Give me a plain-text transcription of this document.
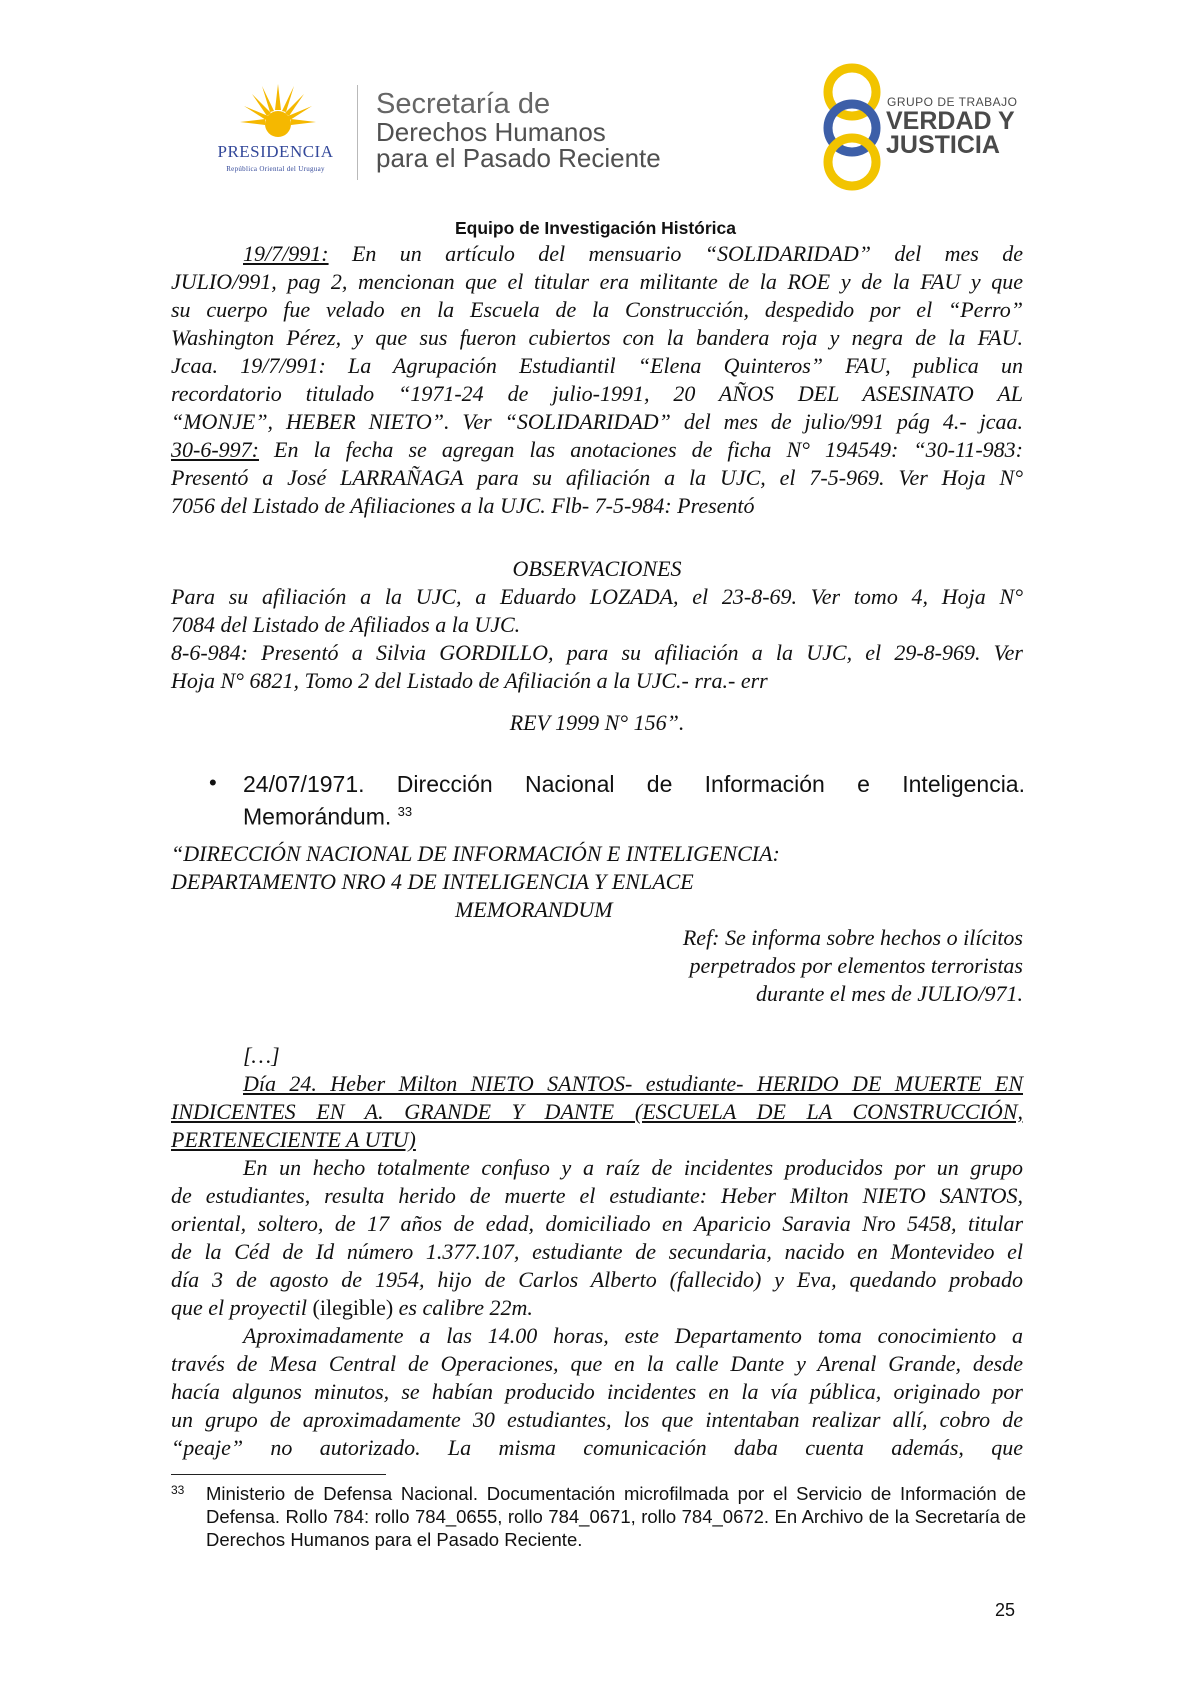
PRESIDENCIA
República Oriental del Uruguay
Secretaría de
Derechos Humanos
para el Pasado Reciente
GRUPO DE TRABAJO
VERDAD Y
JUSTICIA
Equipo de Investigación Histórica
19/7/991: En un artículo del mensuario “SOLIDARIDAD” del mes de
JULIO/991, pag 2, mencionan que el titular era militante de la ROE y de la FAU y que
su cuerpo fue velado en la Escuela de la Construcción, despedido por el “Perro”
Washington Pérez, y que sus fueron cubiertos con la bandera roja y negra de la FAU.
Jcaa. 19/7/991: La Agrupación Estudiantil “Elena Quinteros” FAU, publica un
recordatorio titulado “1971-24 de julio-1991, 20 AÑOS DEL ASESINATO AL
“MONJE”, HEBER NIETO”. Ver “SOLIDARIDAD” del mes de julio/991 pág 4.- jcaa.
30-6-997: En la fecha se agregan las anotaciones de ficha N° 194549: “30-11-983:
Presentó a José LARRAÑAGA para su afiliación a la UJC, el 7-5-969. Ver Hoja N°
7056 del Listado de Afiliaciones a la UJC. Flb- 7-5-984: Presentó
OBSERVACIONES
Para su afiliación a la UJC, a Eduardo LOZADA, el 23-8-69. Ver tomo 4, Hoja N°
7084 del Listado de Afiliados a la UJC.
8-6-984: Presentó a Silvia GORDILLO, para su afiliación a la UJC, el 29-8-969. Ver
Hoja N° 6821, Tomo 2 del Listado de Afiliación a la UJC.- rra.- err
REV 1999 N° 156”.
•	24/07/1971. Dirección Nacional de Información e Inteligencia.
Memorándum. $^{33}$
“DIRECCIÓN NACIONAL DE INFORMACIÓN E INTELIGENCIA:
DEPARTAMENTO NRO 4 DE INTELIGENCIA Y ENLACE
MEMORANDUM
Ref: Se informa sobre hechos o ilícitos
perpetrados por elementos terroristas
durante el mes de JULIO/971.
[…]
Día 24. Heber Milton NIETO SANTOS- estudiante- HERIDO DE MUERTE EN
INDICENTES EN A. GRANDE Y DANTE (ESCUELA DE LA CONSTRUCCIÓN,
PERTENECIENTE A UTU)
En un hecho totalmente confuso y a raíz de incidentes producidos por un grupo
de estudiantes, resulta herido de muerte el estudiante: Heber Milton NIETO SANTOS,
oriental, soltero, de 17 años de edad, domiciliado en Aparicio Saravia Nro 5458, titular
de la Céd de Id número 1.377.107, estudiante de secundaria, nacido en Montevideo el
día 3 de agosto de 1954, hijo de Carlos Alberto (fallecido) y Eva, quedando probado
que el proyectil (ilegible) es calibre 22m.
Aproximadamente a las 14.00 horas, este Departamento toma conocimiento a
través de Mesa Central de Operaciones, que en la calle Dante y Arenal Grande, desde
hacía algunos minutos, se habían producido incidentes en la vía pública, originado por
un grupo de aproximadamente 30 estudiantes, los que intentaban realizar allí, cobro de
“peaje” no autorizado. La misma comunicación daba cuenta además, que
33 Ministerio de Defensa Nacional. Documentación microfilmada por el Servicio de Información de Defensa. Rollo 784: rollo 784_0655, rollo 784_0671, rollo 784_0672. En Archivo de la Secretaría de Derechos Humanos para el Pasado Reciente.
25
